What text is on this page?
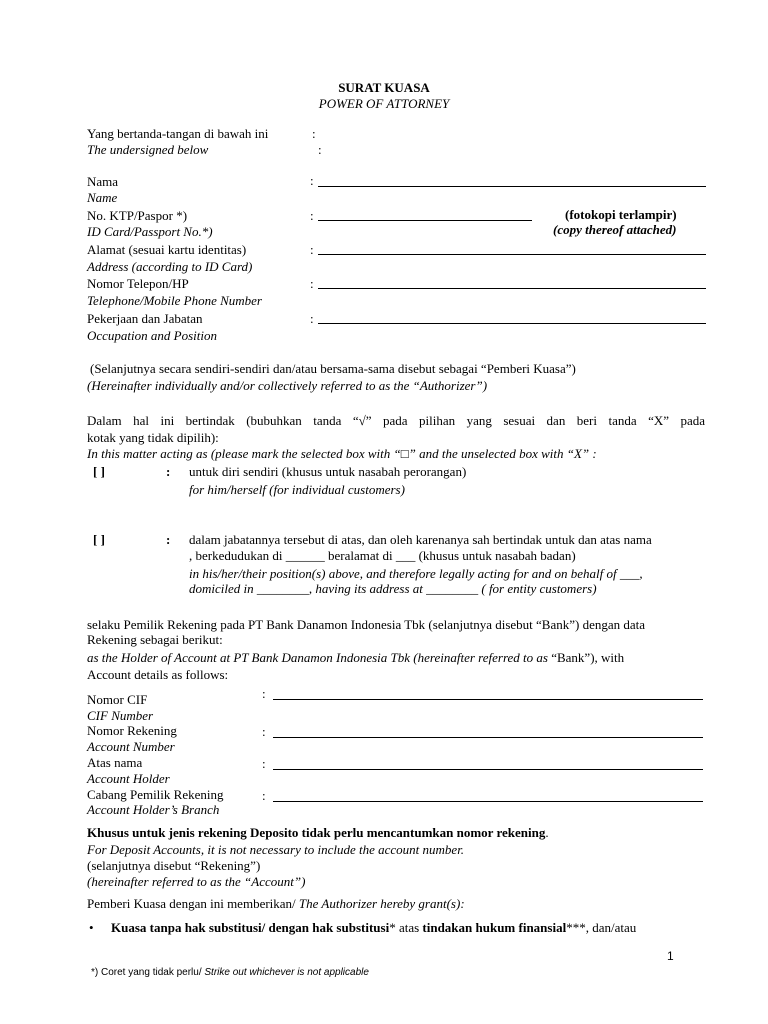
SURAT KUASA
POWER OF ATTORNEY
Yang bertanda-tangan di bawah ini	:
The undersigned below	:
Nama
Name
:
No. KTP/Paspor *)
ID Card/Passport No.*)
:	(fotokopi terlampir)
(copy thereof attached)
Alamat (sesuai kartu identitas)
Address (according to ID Card)
:
Nomor Telepon/HP
Telephone/Mobile Phone Number
:
Pekerjaan dan Jabatan
Occupation and Position
:
(Selanjutnya secara sendiri-sendiri dan/atau bersama-sama disebut sebagai “Pemberi Kuasa”)
(Hereinafter individually and/or collectively referred to as the “Authorizer”)
Dalam hal ini bertindak (bubuhkan tanda “√” pada pilihan yang sesuai dan beri tanda “X” pada
kotak yang tidak dipilih):
In this matter acting as (please mark the selected box with “□” and the unselected box with “X” :
[ ]	: untuk diri sendiri (khusus untuk nasabah perorangan)
for him/herself (for individual customers)
[ ]	: dalam jabatannya tersebut di atas, dan oleh karenanya sah bertindak untuk dan atas nama
, berkedudukan di ______ beralamat di ___ (khusus untuk nasabah badan)
in his/her/their position(s) above, and therefore legally acting for and on behalf of ___,
domiciled in ________, having its address at ________ ( for entity customers)
selaku Pemilik Rekening pada PT Bank Danamon Indonesia Tbk (selanjutnya disebut “Bank”) dengan data
Rekening sebagai berikut:
as the Holder of Account at PT Bank Danamon Indonesia Tbk (hereinafter referred to as “Bank”), with
Account details as follows:
Nomor CIF
CIF Number
:
Nomor Rekening
Account Number
:
Atas nama
Account Holder
:
Cabang Pemilik Rekening
Account Holder’s Branch
:
Khusus untuk jenis rekening Deposito tidak perlu mencantumkan nomor rekening.
For Deposit Accounts, it is not necessary to include the account number.
(selanjutnya disebut “Rekening”)
(hereinafter referred to as the “Account”)
Pemberi Kuasa dengan ini memberikan/ The Authorizer hereby grant(s):
• Kuasa tanpa hak substitusi/ dengan hak substitusi* atas tindakan hukum finansial***, dan/atau
1
*) Coret yang tidak perlu/ Strike out whichever is not applicable
